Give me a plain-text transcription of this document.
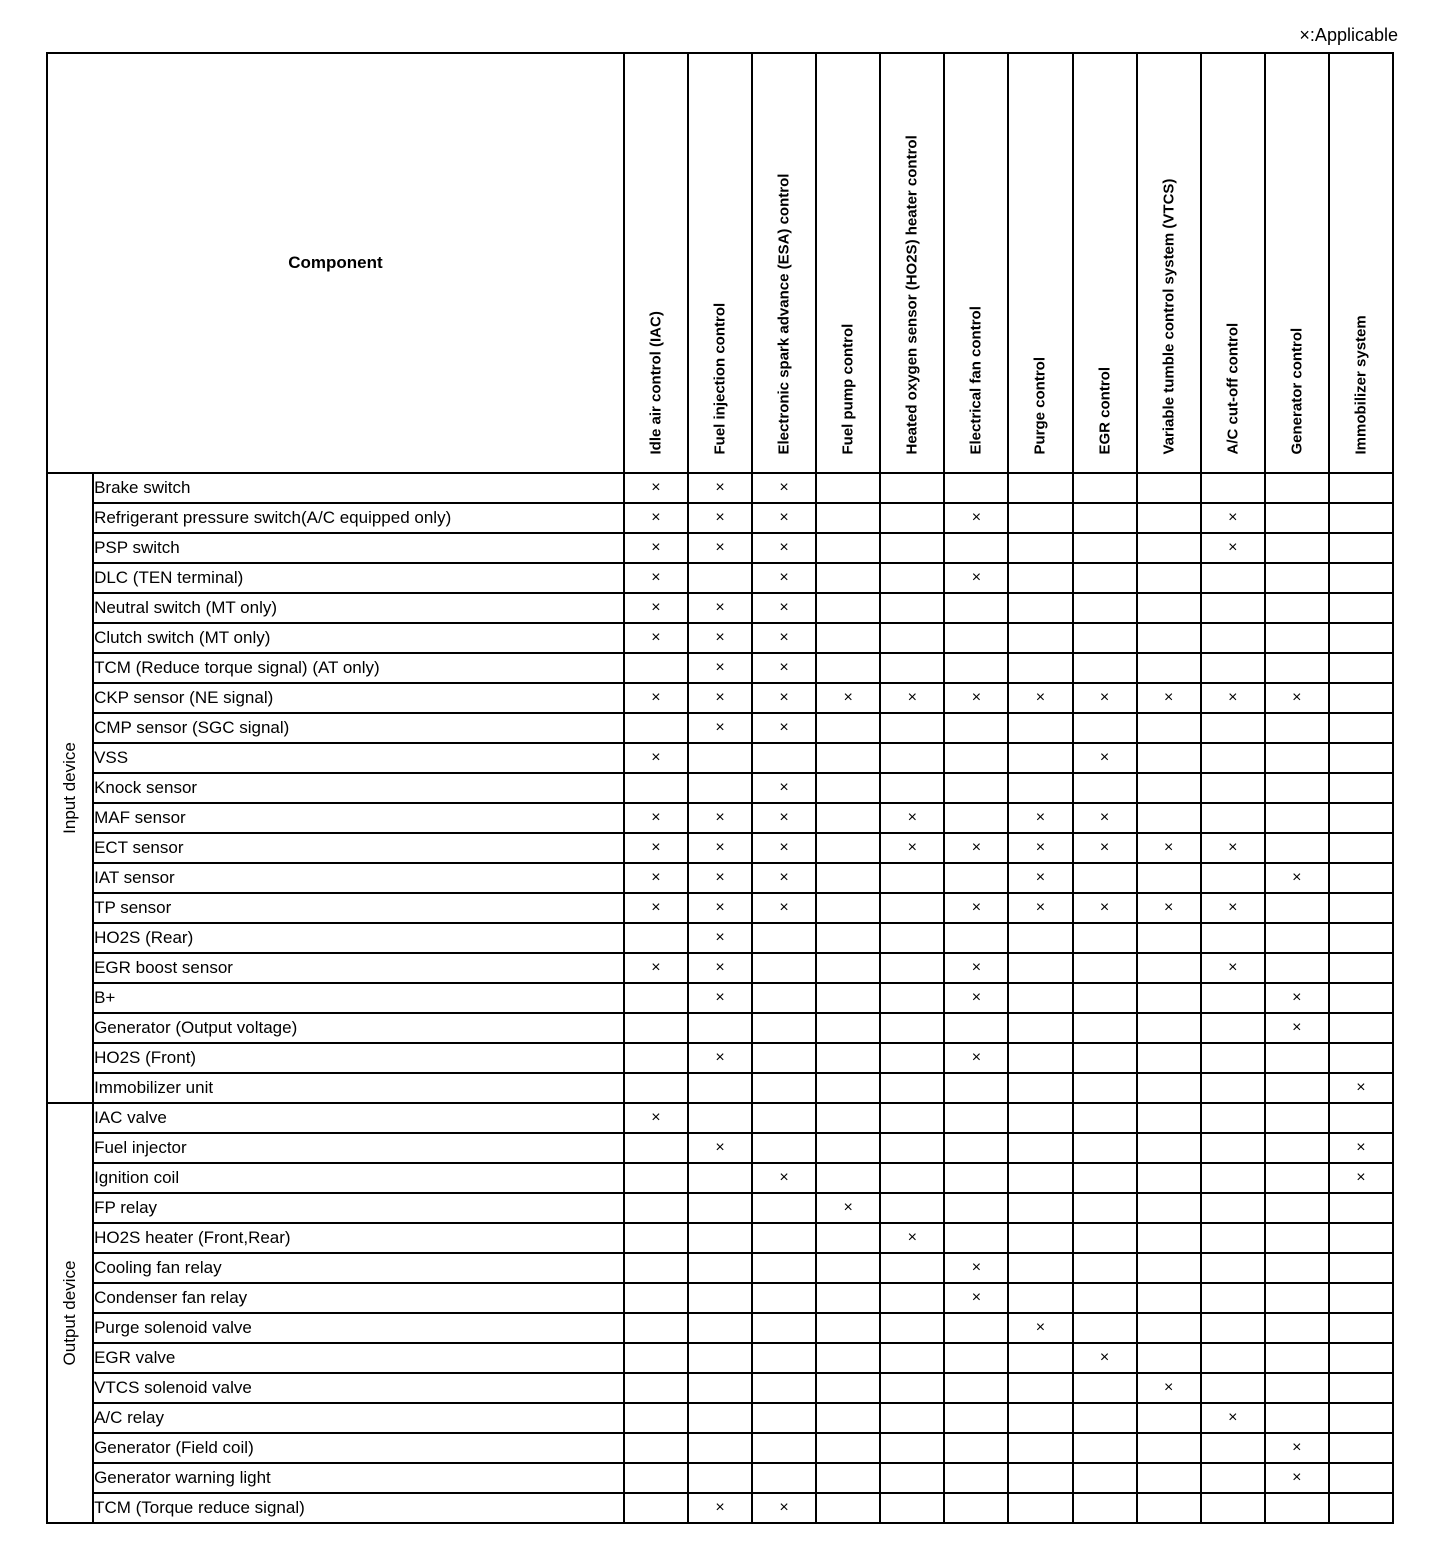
×:Applicable
Component		Idle air control (IAC)	Fuel injection control	Electronic spark advance (ESA) control	Fuel pump control	Heated oxygen sensor (HO2S) heater control	Electrical fan control	Purge control	EGR control	Variable tumble control system (VTCS)	A/C cut-off control	Generator control	Immobilizer system

Input device	Brake switch	×	×	×									
	Refrigerant pressure switch(A/C equipped only)	×	×	×			×				×		
	PSP switch	×	×	×							×		
	DLC (TEN terminal)	×		×			×						
	Neutral switch (MT only)	×	×	×									
	Clutch switch (MT only)	×	×	×									
	TCM (Reduce torque signal) (AT only)		×	×									
	CKP sensor (NE signal)	×	×	×	×	×	×	×	×	×	×	×	
	CMP sensor (SGC signal)		×	×									
	VSS	×							×				
	Knock sensor			×									
	MAF sensor	×	×	×		×		×	×				
	ECT sensor	×	×	×		×	×	×	×	×	×		
	IAT sensor	×	×	×				×				×	
	TP sensor	×	×	×			×	×	×	×	×		
	HO2S (Rear)		×										
	EGR boost sensor	×	×				×				×		
	B+		×				×					×	
	Generator (Output voltage)											×	
	HO2S (Front)		×				×						
	Immobilizer unit												×

Output device	IAC valve	×											
	Fuel injector		×										×
	Ignition coil			×									×
	FP relay				×								
	HO2S heater (Front,Rear)					×							
	Cooling fan relay						×						
	Condenser fan relay						×						
	Purge solenoid valve							×					
	EGR valve								×				
	VTCS solenoid valve									×			
	A/C relay										×		
	Generator (Field coil)											×	
	Generator warning light											×	
	TCM (Torque reduce signal)		×	×									
